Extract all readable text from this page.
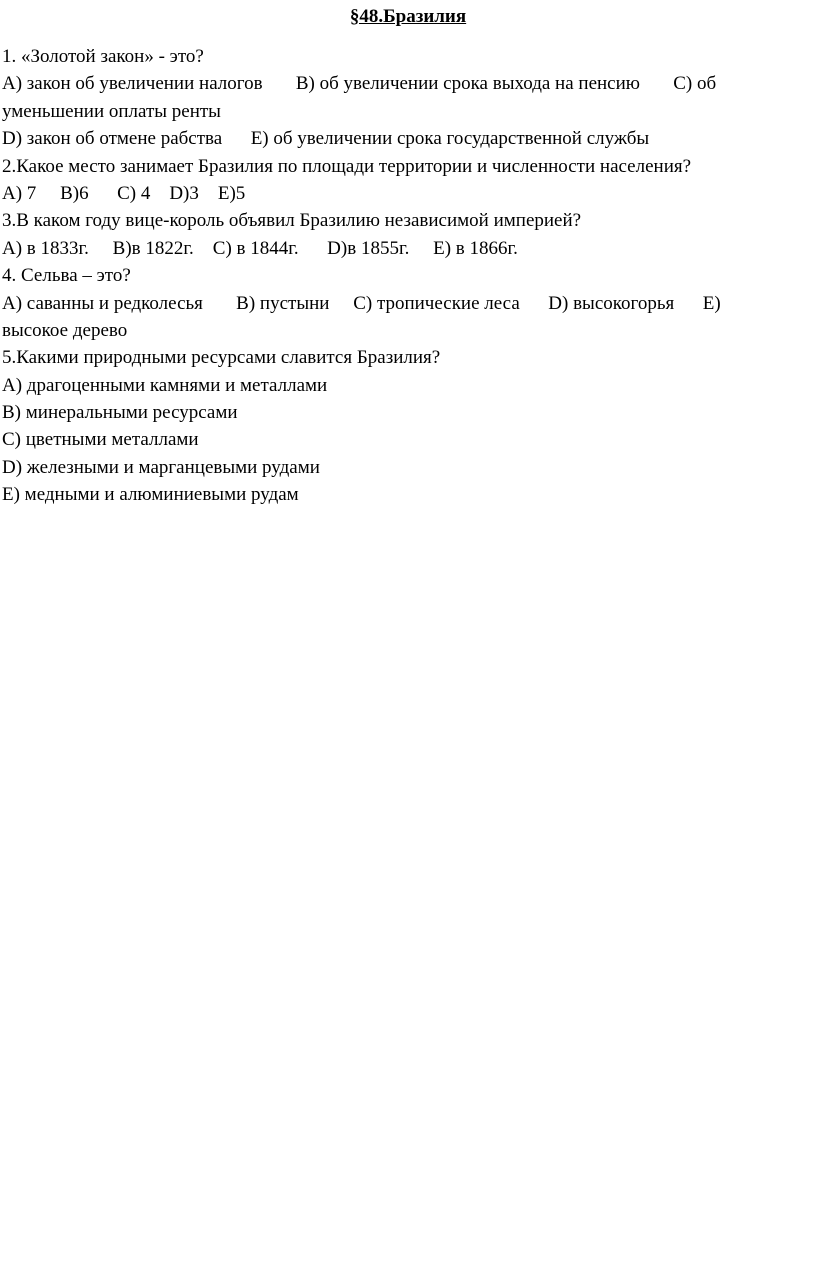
§48.Бразилия
1. «Золотой закон» - это?
А) закон об увеличении налогов В) об увеличении срока выхода на пенсию С) об
уменьшении оплаты ренты
D) закон об отмене рабства Е) об увеличении срока государственной службы
2.Какое место занимает Бразилия по площади территории и численности населения?
А) 7 В)6 С) 4 D)3 Е)5
3.В каком году вице-король объявил Бразилию независимой империей?
А) в 1833г. В)в 1822г. С) в 1844г. D)в 1855г. Е) в 1866г.
4. Сельва – это?
А) саванны и редколесья В) пустыни С) тропические леса D) высокогорья Е)
высокое дерево
5.Какими природными ресурсами славится Бразилия?
А) драгоценными камнями и металлами
В) минеральными ресурсами
С) цветными металлами
D) железными и марганцевыми рудами
Е) медными и алюминиевыми рудам
